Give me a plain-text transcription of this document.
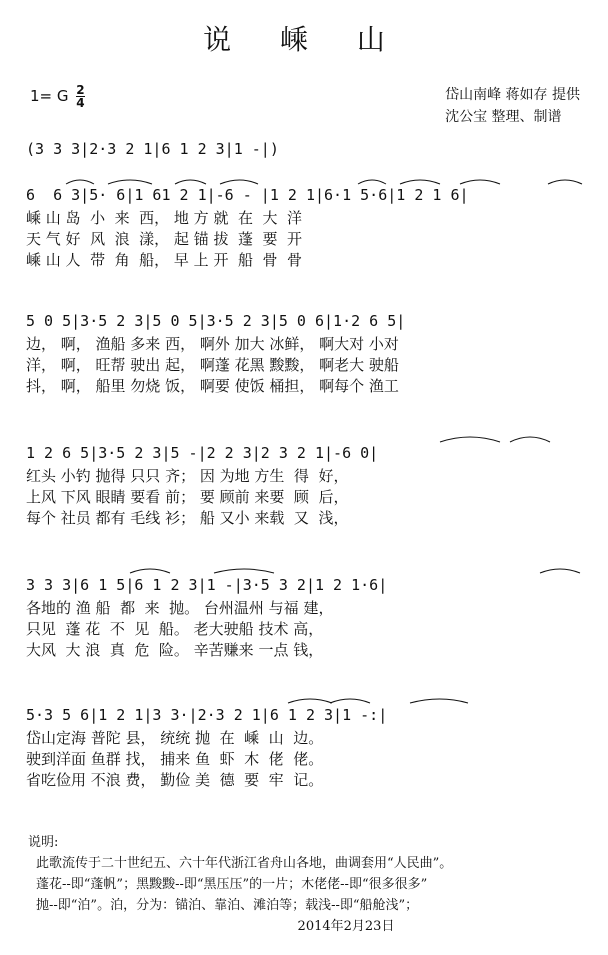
说 嵊 山
1= G $\frac{2}{4}$	岱山南峰 蒋如存 提供
沈公宝 整理、制谱
(3 3 3|2·3 2 1|6 1 2 3|1 -|)
6  6 3|5· 6|1 61 2 1|-6 - |1 2 1|6·1 5·6|1 2 1 6|
嵊 山 岛  小  来  西， 地 方 就  在  大  洋
天 气 好  风  浪  漾， 起 锚 拔  蓬  要  开
嵊 山 人  带  角  船， 早 上 开  船  骨  骨
5 0 5|3·5 2 3|5 0 5|3·5 2 3|5 0 6|1·2 6 5|
边， 啊， 渔船 多来 西， 啊外 加大 冰鲜， 啊大对 小对
洋， 啊， 旺帮 驶出 起， 啊蓬 花黑 黢黢， 啊老大 驶船
抖， 啊， 船里 勿烧 饭， 啊要 使饭 桶担， 啊每个 渔工
1 2 6 5|3·5 2 3|5 -|2 2 3|2 3 2 1|-6 0|
红头 小钓 抛得 只只 齐； 因 为地 方生  得  好，
上风 下风 眼睛 要看 前； 要 顾前 来要  顾  后，
每个 社员 都有 毛线 衫； 船 又小 来载  又  浅，
3 3 3|6 1 5|6 1 2 3|1 -|3·5 3 2|1 2 1·6|
各地的 渔 船  都  来  抛。 台州温州 与福 建，
只见  蓬 花  不  见  船。 老大驶船 技术 高，
大风  大 浪  真  危  险。 辛苦赚来 一点 钱，
5·3 5 6|1 2 1|3 3·|2·3 2 1|6 1 2 3|1 -:|
岱山定海 普陀 县， 统统 抛  在  嵊  山  边。
驶到洋面 鱼群 找， 捕来 鱼  虾  木  佬  佬。
省吃俭用 不浪 费， 勤俭 美  德  要  牢  记。
说明:
此歌流传于二十世纪五、六十年代浙江省舟山各地，曲调套用“人民曲”。
蓬花--即“蓬帆”；黑黢黢--即“黑压压”的一片；木佬佬--即“很多很多”
抛--即“泊”。泊，分为：锚泊、靠泊、滩泊等；载浅--即“船舱浅”；
2014年2月23日
